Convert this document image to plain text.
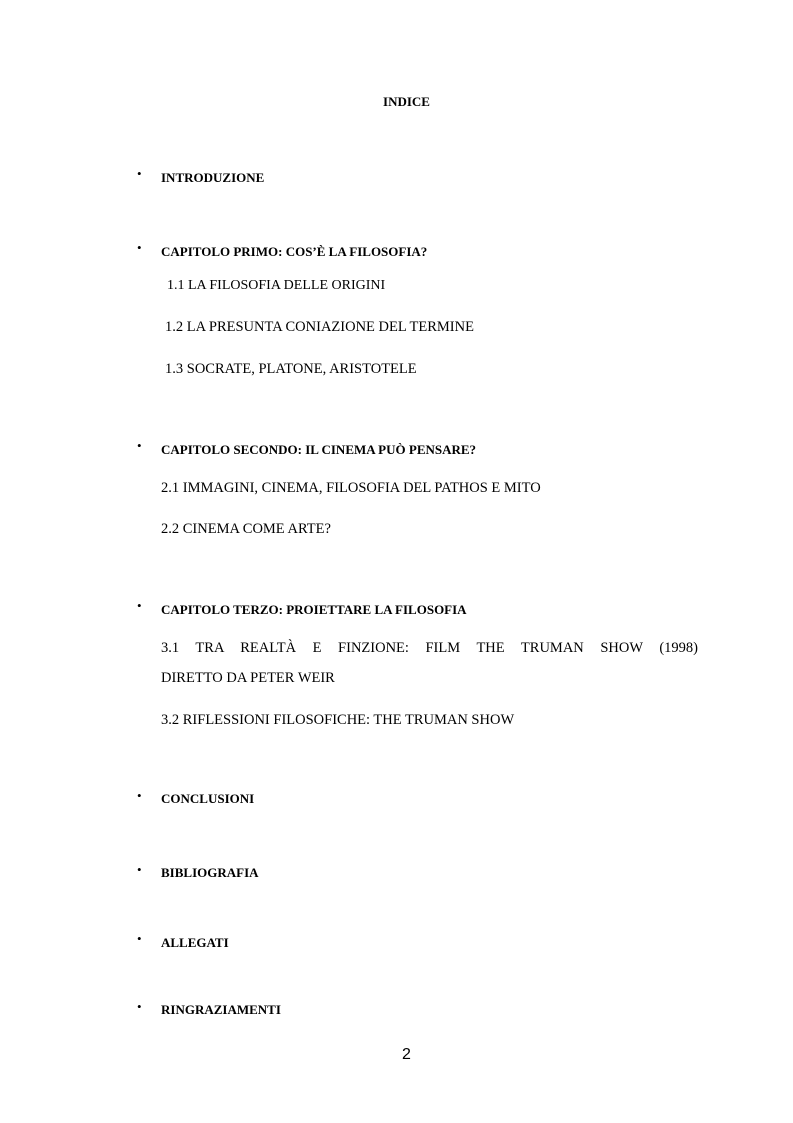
INDICE
• INTRODUZIONE
• CAPITOLO PRIMO: COS’È LA FILOSOFIA?
1.1 LA FILOSOFIA DELLE ORIGINI
1.2 LA PRESUNTA CONIAZIONE DEL TERMINE
1.3 SOCRATE, PLATONE, ARISTOTELE
• CAPITOLO SECONDO: IL CINEMA PUÒ PENSARE?
2.1 IMMAGINI, CINEMA, FILOSOFIA DEL PATHOS E MITO
2.2 CINEMA COME ARTE?
• CAPITOLO TERZO: PROIETTARE LA FILOSOFIA
3.1 TRA REALTÀ E FINZIONE: FILM THE TRUMAN SHOW (1998)
DIRETTO DA PETER WEIR
3.2 RIFLESSIONI FILOSOFICHE: THE TRUMAN SHOW
• CONCLUSIONI
• BIBLIOGRAFIA
• ALLEGATI
• RINGRAZIAMENTI
2
